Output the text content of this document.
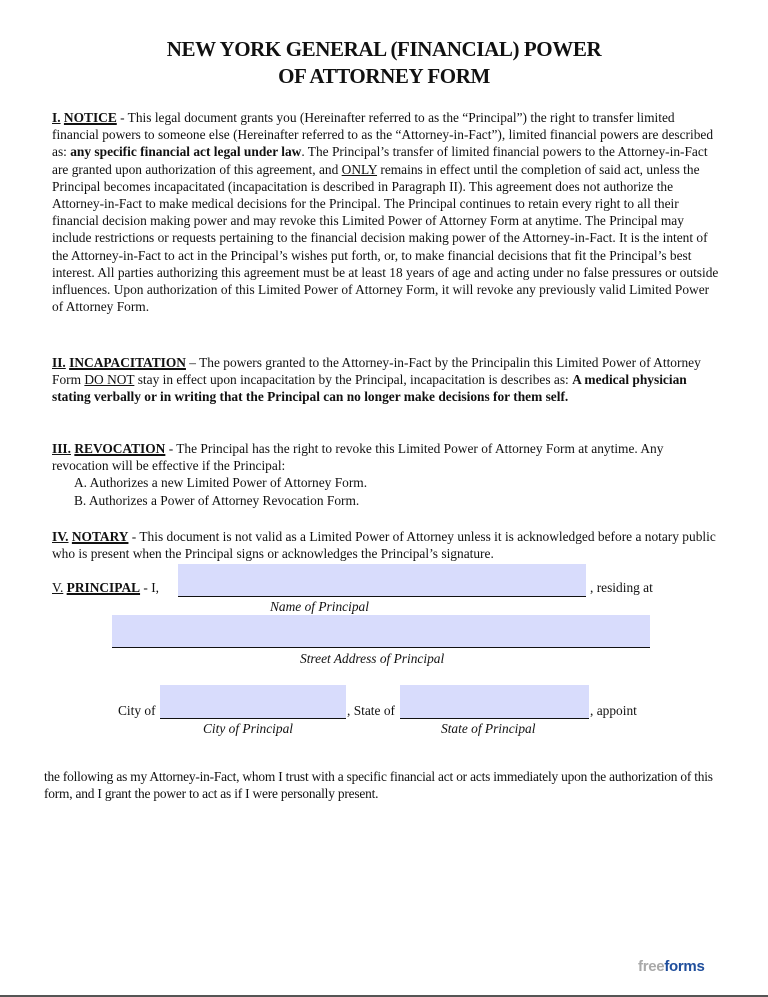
NEW YORK GENERAL (FINANCIAL) POWER
OF ATTORNEY FORM
I. NOTICE - This legal document grants you (Hereinafter referred to as the “Principal”) the right to transfer limited financial powers to someone else (Hereinafter referred to as the “Attorney-in-Fact”), limited financial powers are described as: any specific financial act legal under law. The Principal’s transfer of limited financial powers to the Attorney-in-Fact are granted upon authorization of this agreement, and ONLY remains in effect until the completion of said act, unless the Principal becomes incapacitated (incapacitation is described in Paragraph II). This agreement does not authorize the Attorney-in-Fact to make medical decisions for the Principal. The Principal continues to retain every right to all their financial decision making power and may revoke this Limited Power of Attorney Form at anytime. The Principal may include restrictions or requests pertaining to the financial decision making power of the Attorney-in-Fact. It is the intent of the Attorney-in-Fact to act in the Principal’s wishes put forth, or, to make financial decisions that fit the Principal’s best interest. All parties authorizing this agreement must be at least 18 years of age and acting under no false pressures or outside influences. Upon authorization of this Limited Power of Attorney Form, it will revoke any previously valid Limited Power of Attorney Form.
II. INCAPACITATION – The powers granted to the Attorney-in-Fact by the Principalin this Limited Power of Attorney Form DO NOT stay in effect upon incapacitation by the Principal, incapacitation is describes as: A medical physician stating verbally or in writing that the Principal can no longer make decisions for them self.
III. REVOCATION - The Principal has the right to revoke this Limited Power of Attorney Form at anytime. Any revocation will be effective if the Principal:
A. Authorizes a new Limited Power of Attorney Form.
B. Authorizes a Power of Attorney Revocation Form.
IV. NOTARY - This document is not valid as a Limited Power of Attorney unless it is acknowledged before a notary public who is present when the Principal signs or acknowledges the Principal’s signature.
V. PRINCIPAL - I,	, residing at
Name of Principal
Street Address of Principal
City of	, State of	, appoint
City of Principal	State of Principal
the following as my Attorney-in-Fact, whom I trust with a specific financial act or acts immediately upon the authorization of this form, and I grant the power to act as if I were personally present.
freeforms
